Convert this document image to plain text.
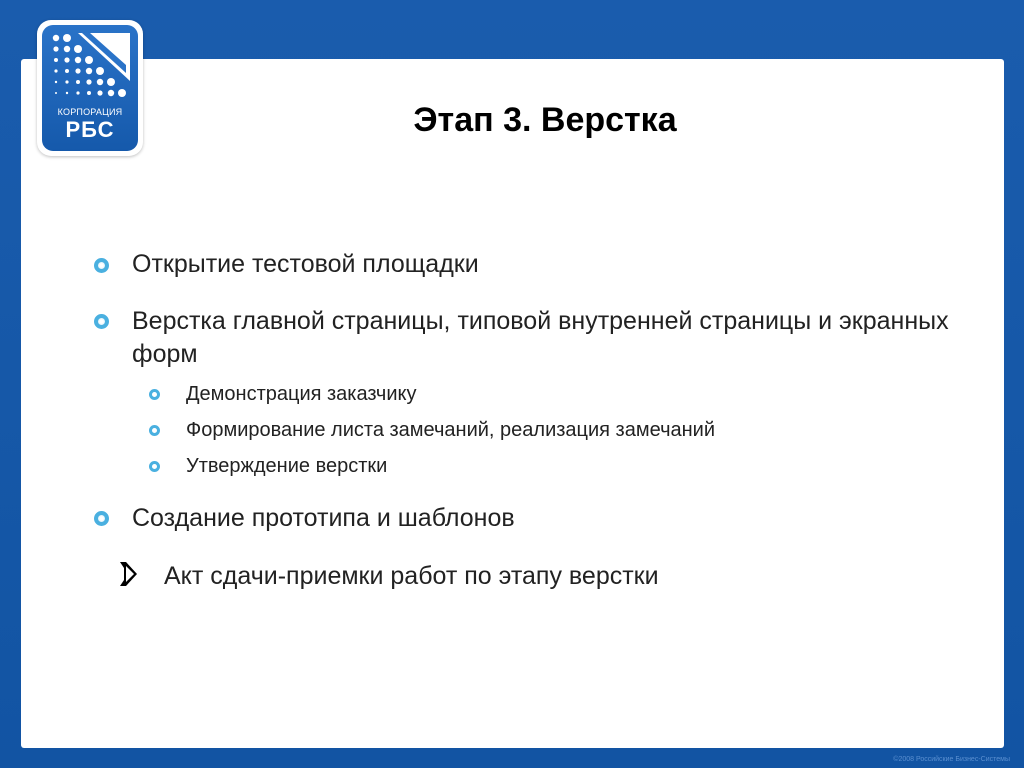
КОРПОРАЦИЯ
РБС	Этап 3. Верстка
Открытие тестовой площадки
Верстка главной страницы, типовой внутренней страницы и экранных форм
Демонстрация заказчику
Формирование листа замечаний, реализация замечаний
Утверждение верстки
Создание прототипа и шаблонов
Акт сдачи-приемки работ по этапу верстки
©2008 Российские Бизнес-Системы
